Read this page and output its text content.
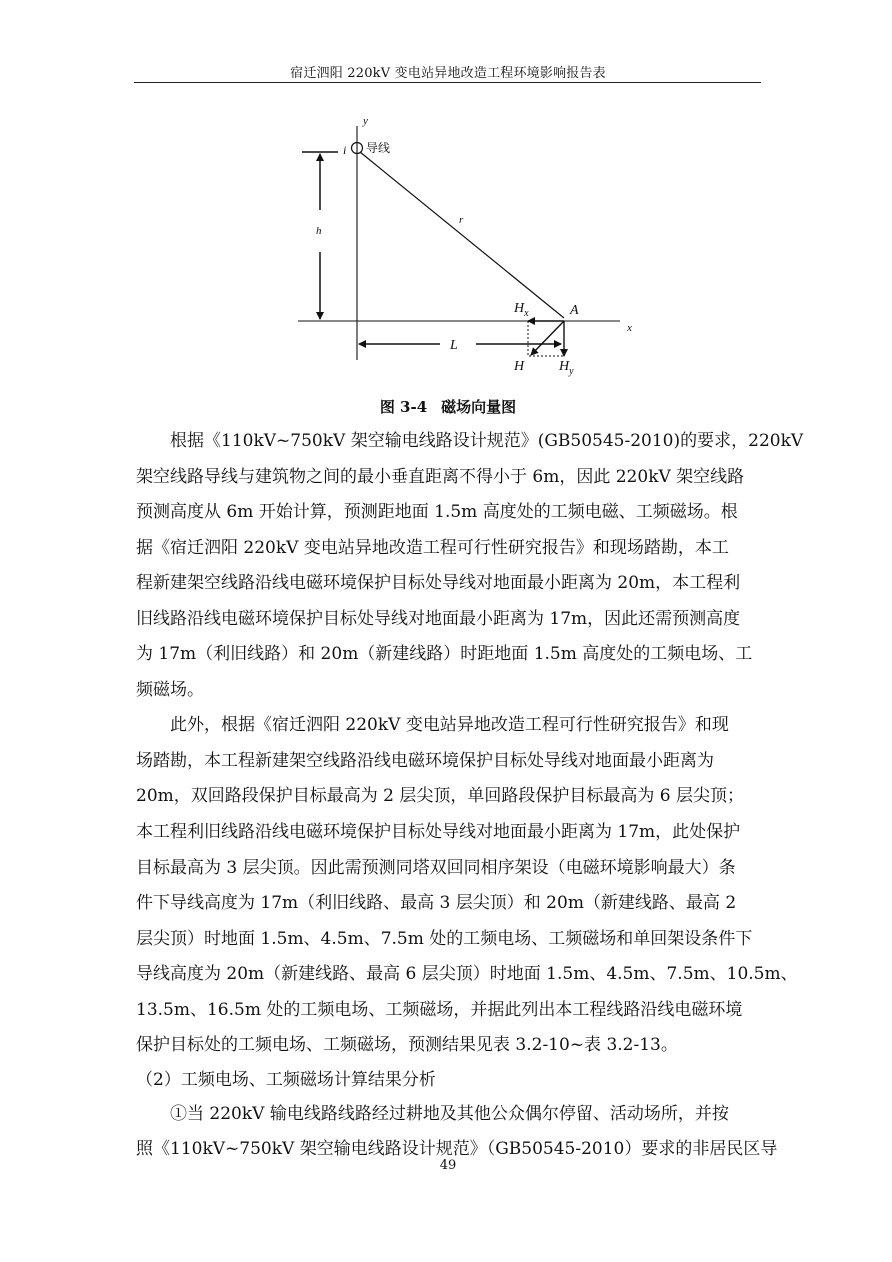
宿迁泗阳 220kV 变电站异地改造工程环境影响报告表
y
x
i 导线
h
r
L
A
H
$H_x$
$H_y$
图 3-4 磁场向量图
　　根据《110kV~750kV 架空输电线路设计规范》(GB50545-2010)的要求，220kV
架空线路导线与建筑物之间的最小垂直距离不得小于 6m，因此 220kV 架空线路
预测高度从 6m 开始计算，预测距地面 1.5m 高度处的工频电磁、工频磁场。根
据《宿迁泗阳 220kV 变电站异地改造工程可行性研究报告》和现场踏勘，本工
程新建架空线路沿线电磁环境保护目标处导线对地面最小距离为 20m，本工程利
旧线路沿线电磁环境保护目标处导线对地面最小距离为 17m，因此还需预测高度
为 17m（利旧线路）和 20m（新建线路）时距地面 1.5m 高度处的工频电场、工
频磁场。
　　此外，根据《宿迁泗阳 220kV 变电站异地改造工程可行性研究报告》和现
场踏勘，本工程新建架空线路沿线电磁环境保护目标处导线对地面最小距离为
20m，双回路段保护目标最高为 2 层尖顶，单回路段保护目标最高为 6 层尖顶；
本工程利旧线路沿线电磁环境保护目标处导线对地面最小距离为 17m，此处保护
目标最高为 3 层尖顶。因此需预测同塔双回同相序架设（电磁环境影响最大）条
件下导线高度为 17m（利旧线路、最高 3 层尖顶）和 20m（新建线路、最高 2
层尖顶）时地面 1.5m、4.5m、7.5m 处的工频电场、工频磁场和单回架设条件下
导线高度为 20m（新建线路、最高 6 层尖顶）时地面 1.5m、4.5m、7.5m、10.5m、
13.5m、16.5m 处的工频电场、工频磁场，并据此列出本工程线路沿线电磁环境
保护目标处的工频电场、工频磁场，预测结果见表 3.2-10~表 3.2-13。
（2）工频电场、工频磁场计算结果分析
　　①当 220kV 输电线路线路经过耕地及其他公众偶尔停留、活动场所，并按
照《110kV~750kV 架空输电线路设计规范》（GB50545-2010）要求的非居民区导
49
